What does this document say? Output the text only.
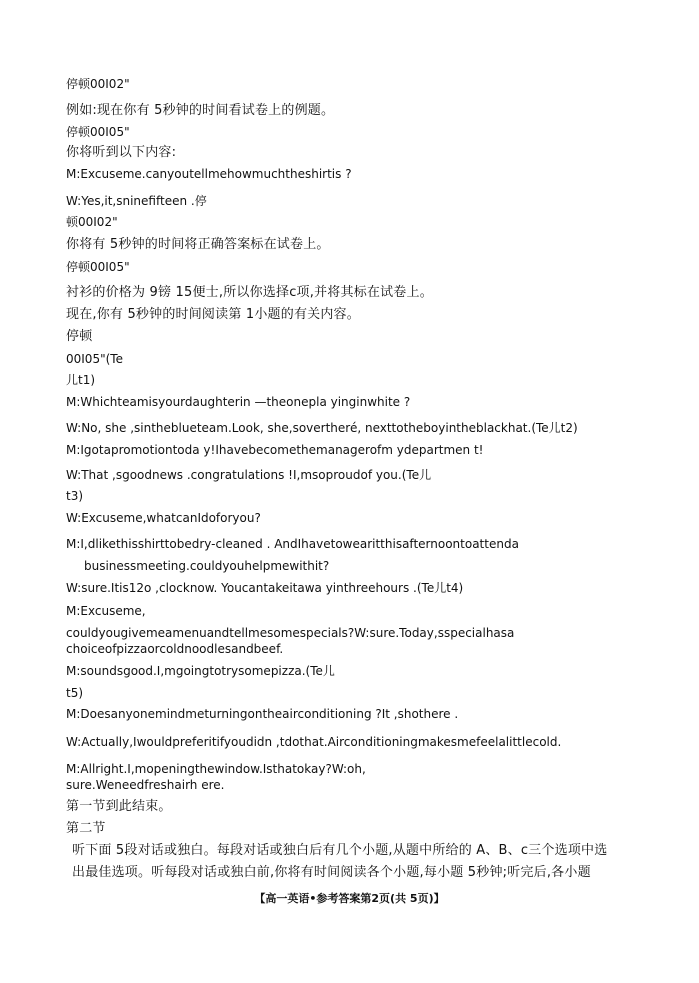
停顿00I02"
例如:现在你有 5秒钟的时间看试卷上的例题。
停顿00I05"
你将听到以下内容:
M:Excuseme.canyoutellmehowmuchtheshirtis ?
W:Yes,it,sninefifteen .停
顿00I02"
你将有 5秒钟的时间将正确答案标在试卷上。
停顿00I05"
衬衫的价格为 9镑 15便士,所以你选择c项,并将其标在试卷上。
现在,你有 5秒钟的时间阅读第 1小题的有关内容。
停顿
00I05"(Te
儿t1)
M:Whichteamisyourdaughterin —theonepla yinginwhite ?
W:No, she ,sintheblueteam.Look, she,sovertheré, nexttotheboyintheblackhat.(Te儿t2)
M:Igotapromotiontoda y!Ihavebecomethemanagerofm ydepartmen t!
W:That ,sgoodnews .congratulations !I,msoproudof you.(Te儿
t3)
W:Excuseme,whatcanIdoforyou?
M:I,dlikethisshirttobedry-cleaned . AndIhavetowearitthisafternoontoattenda
businessmeeting.couldyouhelpmewithit?
W:sure.Itis12o ,clocknow. Youcantakeitawa yinthreehours .(Te儿t4)
M:Excuseme,
couldyougivemeamenuandtellmesomespecials?W:sure.Today,sspecialhasa
choiceofpizzaorcoldnoodlesandbeef.
M:soundsgood.I,mgoingtotrysomepizza.(Te儿
t5)
M:Doesanyonemindmeturningontheairconditioning ?It ,shothere .
W:Actually,Iwouldpreferitifyoudidn ,tdothat.Airconditioningmakesmefeelalittlecold.
M:Allright.I,mopeningthewindow.Isthatokay?W:oh,
sure.Weneedfreshairh ere.
第一节到此结束。
第二节
听下面 5段对话或独白。每段对话或独白后有几个小题,从题中所给的 A、B、c三个选项中选
出最佳选项。听每段对话或独白前,你将有时间阅读各个小题,每小题 5秒钟;听完后,各小题
【高一英语•参考答案第2页(共 5页)】
